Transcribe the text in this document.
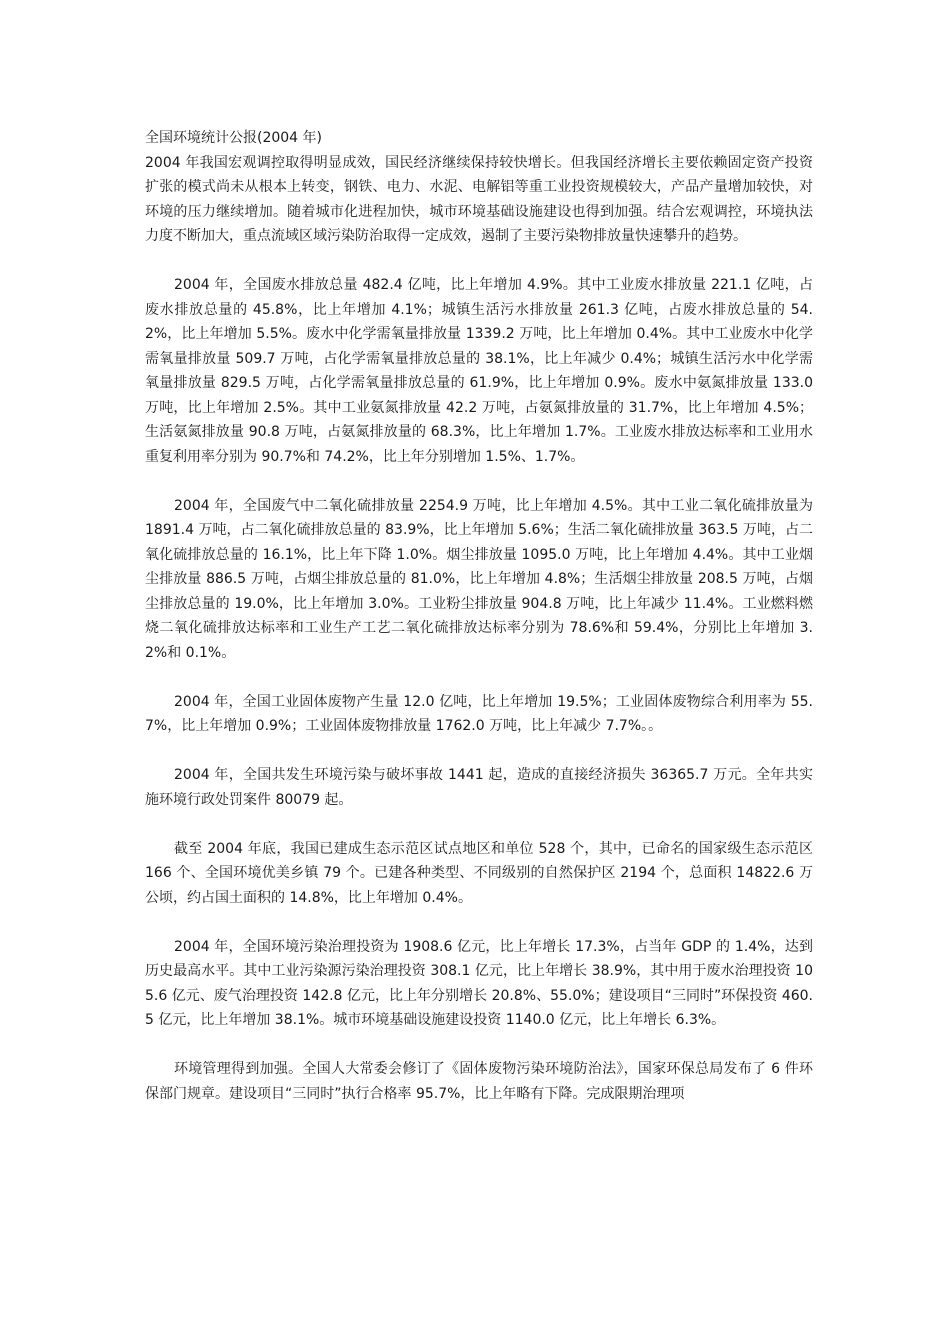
全国环境统计公报(2004 年)

2004 年我国宏观调控取得明显成效，国民经济继续保持较快增长。但我国经济增长主要依赖固定资产投资扩张的模式尚未从根本上转变，钢铁、电力、水泥、电解铝等重工业投资规模较大，产品产量增加较快，对环境的压力继续增加。随着城市化进程加快，城市环境基础设施建设也得到加强。结合宏观调控，环境执法力度不断加大，重点流域区域污染防治取得一定成效，遏制了主要污染物排放量快速攀升的趋势。

2004 年，全国废水排放总量 482.4 亿吨，比上年增加 4.9%。其中工业废水排放量 221.1 亿吨，占废水排放总量的 45.8%，比上年增加 4.1%；城镇生活污水排放量 261.3 亿吨，占废水排放总量的 54.2%，比上年增加 5.5%。废水中化学需氧量排放量 1339.2 万吨，比上年增加 0.4%。其中工业废水中化学需氧量排放量 509.7 万吨，占化学需氧量排放总量的 38.1%，比上年减少 0.4%；城镇生活污水中化学需氧量排放量 829.5 万吨，占化学需氧量排放总量的 61.9%，比上年增加 0.9%。废水中氨氮排放量 133.0 万吨，比上年增加 2.5%。其中工业氨氮排放量 42.2 万吨，占氨氮排放量的 31.7%，比上年增加 4.5%；生活氨氮排放量 90.8 万吨，占氨氮排放量的 68.3%，比上年增加 1.7%。工业废水排放达标率和工业用水重复利用率分别为 90.7%和 74.2%，比上年分别增加 1.5%、1.7%。

2004 年，全国废气中二氧化硫排放量 2254.9 万吨，比上年增加 4.5%。其中工业二氧化硫排放量为 1891.4 万吨，占二氧化硫排放总量的 83.9%，比上年增加 5.6%；生活二氧化硫排放量 363.5 万吨，占二氧化硫排放总量的 16.1%，比上年下降 1.0%。烟尘排放量 1095.0 万吨，比上年增加 4.4%。其中工业烟尘排放量 886.5 万吨，占烟尘排放总量的 81.0%，比上年增加 4.8%；生活烟尘排放量 208.5 万吨，占烟尘排放总量的 19.0%，比上年增加 3.0%。工业粉尘排放量 904.8 万吨，比上年减少 11.4%。工业燃料燃烧二氧化硫排放达标率和工业生产工艺二氧化硫排放达标率分别为 78.6%和 59.4%，分别比上年增加 3.2%和 0.1%。

2004 年，全国工业固体废物产生量 12.0 亿吨，比上年增加 19.5%；工业固体废物综合利用率为 55.7%，比上年增加 0.9%；工业固体废物排放量 1762.0 万吨，比上年减少 7.7%。。

2004 年，全国共发生环境污染与破坏事故 1441 起，造成的直接经济损失 36365.7 万元。全年共实施环境行政处罚案件 80079 起。

截至 2004 年底，我国已建成生态示范区试点地区和单位 528 个，其中，已命名的国家级生态示范区 166 个、全国环境优美乡镇 79 个。已建各种类型、不同级别的自然保护区 2194 个，总面积 14822.6 万公顷，约占国土面积的 14.8%，比上年增加 0.4%。

2004 年，全国环境污染治理投资为 1908.6 亿元，比上年增长 17.3%，占当年 GDP 的 1.4%，达到历史最高水平。其中工业污染源污染治理投资 308.1 亿元，比上年增长 38.9%，其中用于废水治理投资 105.6 亿元、废气治理投资 142.8 亿元，比上年分别增长 20.8%、55.0%；建设项目“三同时”环保投资 460.5 亿元，比上年增加 38.1%。城市环境基础设施建设投资 1140.0 亿元，比上年增长 6.3%。

环境管理得到加强。全国人大常委会修订了《固体废物污染环境防治法》，国家环保总局发布了 6 件环保部门规章。建设项目“三同时”执行合格率 95.7%，比上年略有下降。完成限期治理项
